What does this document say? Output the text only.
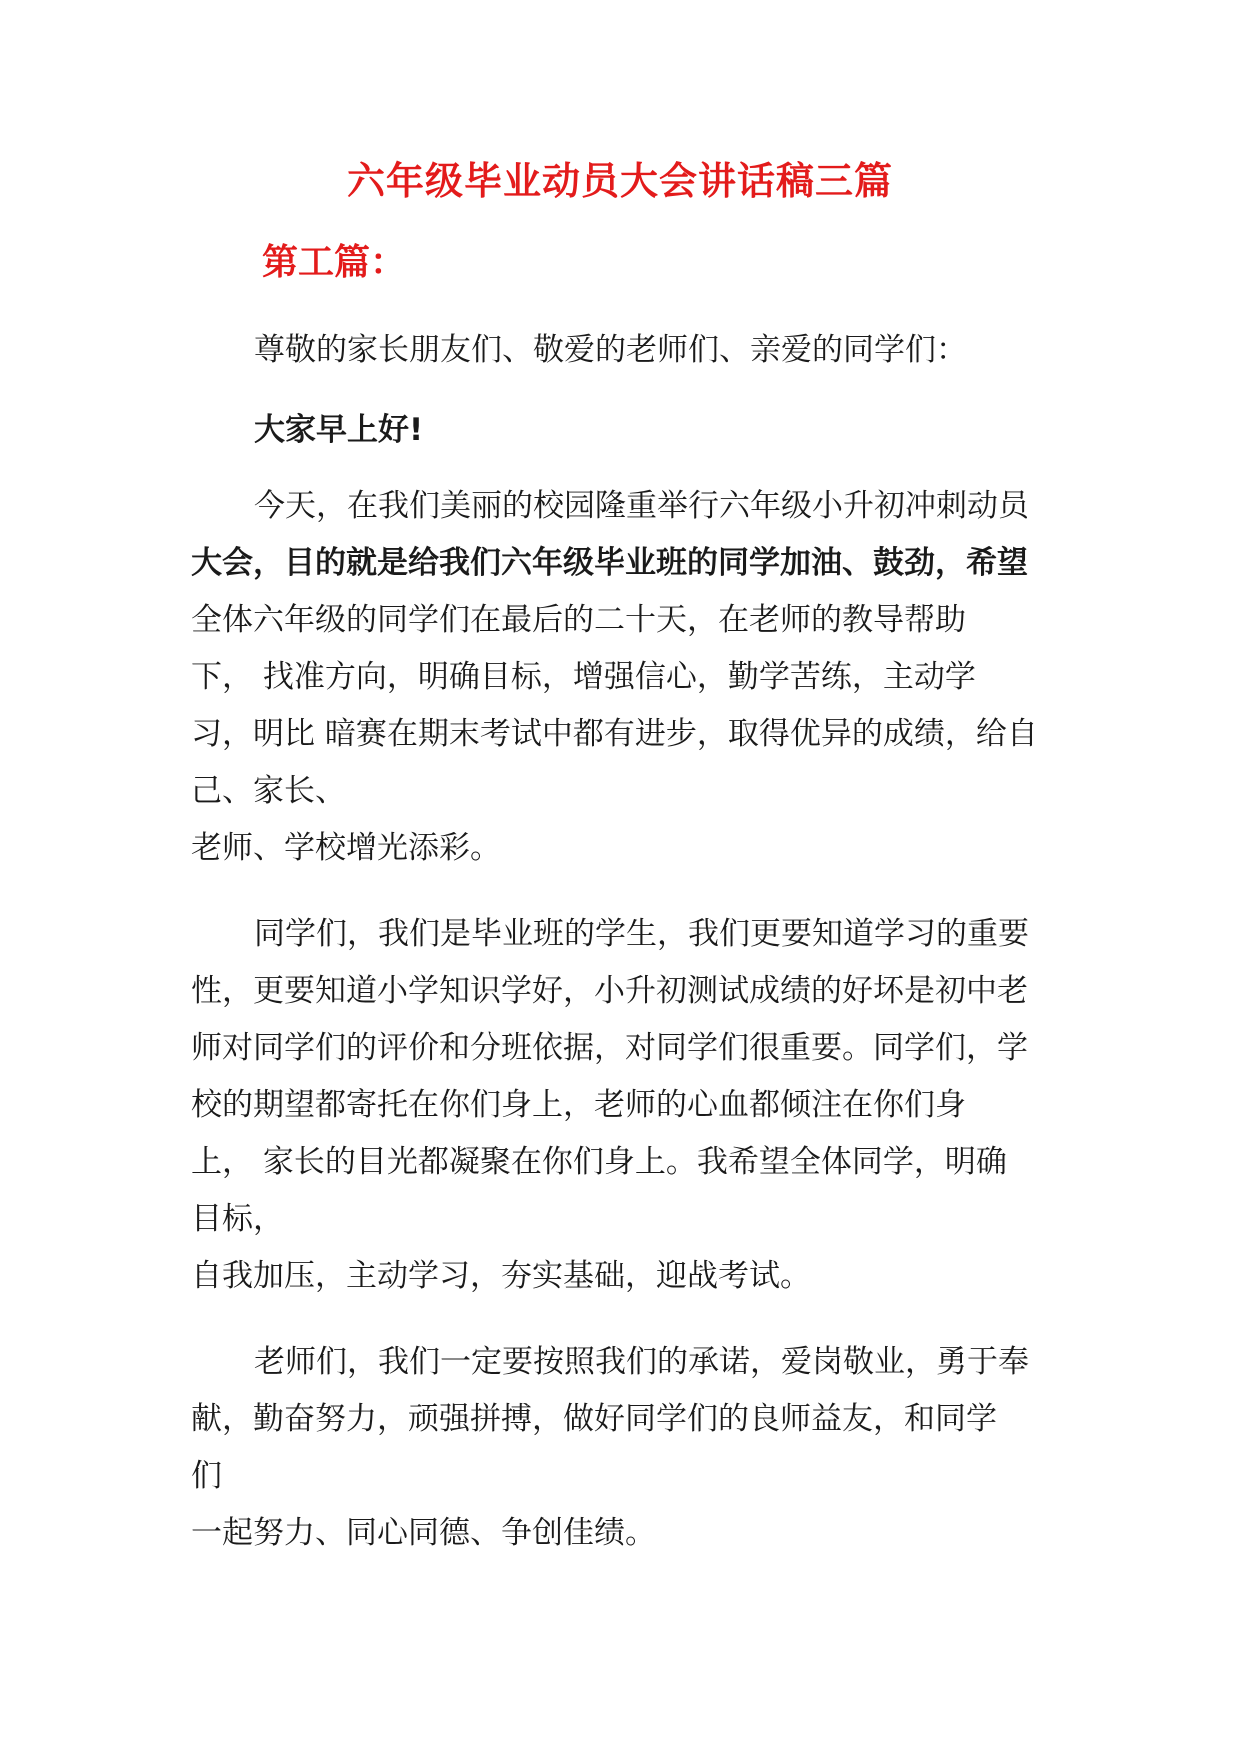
六年级毕业动员大会讲话稿三篇
第工篇：
尊敬的家长朋友们、敬爱的老师们、亲爱的同学们：
大家早上好!
今天，在我们美丽的校园隆重举行六年级小升初冲刺动员
大会，目的就是给我们六年级毕业班的同学加油、鼓劲，希望
全体六年级的同学们在最后的二十天，在老师的教导帮助
下， 找准方向，明确目标，增强信心，勤学苦练，主动学
习，明比 暗赛在期末考试中都有进步，取得优异的成绩，给自
己、家长、
老师、学校增光添彩。
同学们，我们是毕业班的学生，我们更要知道学习的重要
性，更要知道小学知识学好，小升初测试成绩的好坏是初中老
师对同学们的评价和分班依据，对同学们很重要。同学们，学
校的期望都寄托在你们身上，老师的心血都倾注在你们身
上， 家长的目光都凝聚在你们身上。我希望全体同学，明确
目标，
自我加压，主动学习，夯实基础，迎战考试。
老师们，我们一定要按照我们的承诺，爱岗敬业，勇于奉
献，勤奋努力，顽强拼搏，做好同学们的良师益友，和同学
们
一起努力、同心同德、争创佳绩。
